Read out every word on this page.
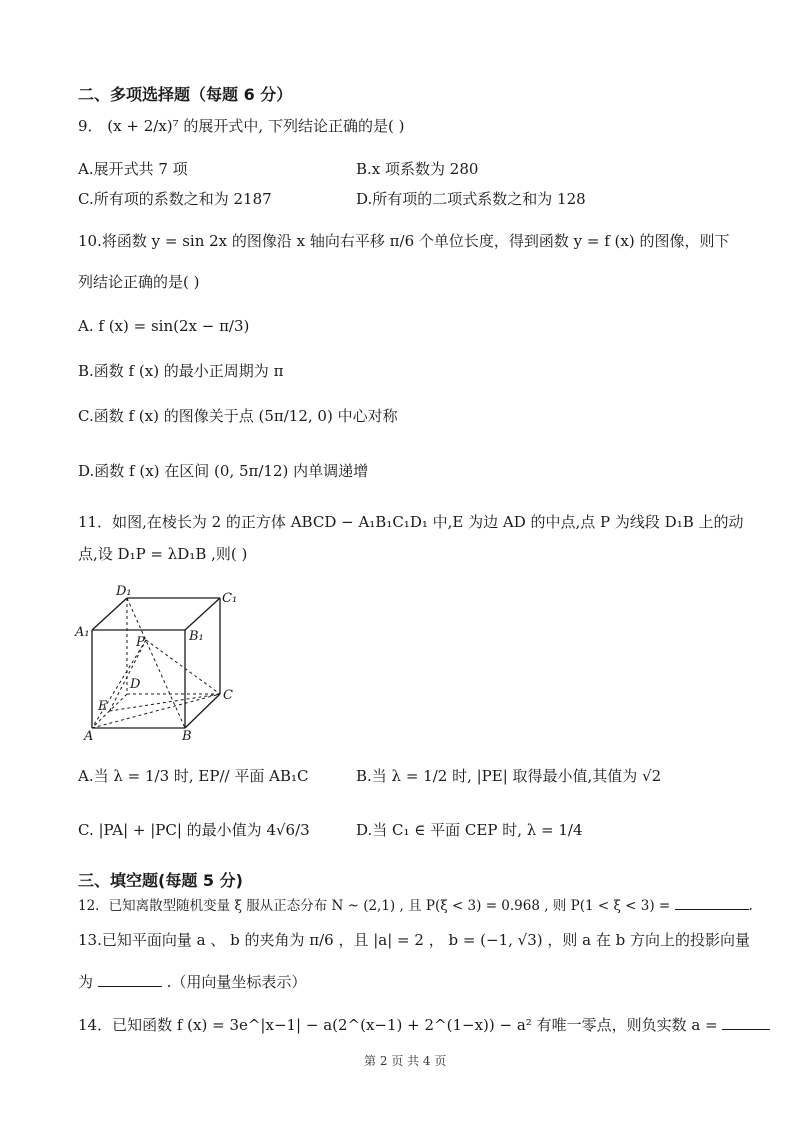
二、多项选择题（每题 6 分）
9． (x + 2/x)⁷ 的展开式中, 下列结论正确的是( )
A.展开式共 7 项	B.x 项系数为 280
C.所有项的系数之和为 2187	D.所有项的二项式系数之和为 128
10.将函数 y = sin 2x 的图像沿 x 轴向右平移 π/6 个单位长度，得到函数 y = f (x) 的图像，则下
列结论正确的是( )
A. f (x) = sin(2x − π/3)
B.函数 f (x) 的最小正周期为 π
C.函数 f (x) 的图像关于点 (5π/12, 0) 中心对称
D.函数 f (x) 在区间 (0, 5π/12) 内单调递增
11．如图,在棱长为 2 的正方体 ABCD − A₁B₁C₁D₁ 中,E 为边 AD 的中点,点 P 为线段 D₁B 上的动
点,设 D₁P = λD₁B ,则( )
D₁	C₁
A₁	B₁
P
D
C
E
A	B
A.当 λ = 1/3 时, EP// 平面 AB₁C	B.当 λ = 1/2 时, |PE| 取得最小值,其值为 √2
C. |PA| + |PC| 的最小值为 4√6/3	D.当 C₁ ∈ 平面 CEP 时, λ = 1/4
三、填空题(每题 5 分)
12．已知离散型随机变量 ξ 服从正态分布 N ~ (2,1) , 且 P(ξ < 3) = 0.968 , 则 P(1 < ξ < 3) =	.
13.已知平面向量 a 、 b 的夹角为 π/6 ，且 |a| = 2 ， b = (−1, √3) ，则 a 在 b 方向上的投影向量
为	.（用向量坐标表示）
14．已知函数 f (x) = 3e^|x−1| − a(2^(x−1) + 2^(1−x)) − a² 有唯一零点，则负实数 a =
第 2 页 共 4 页
